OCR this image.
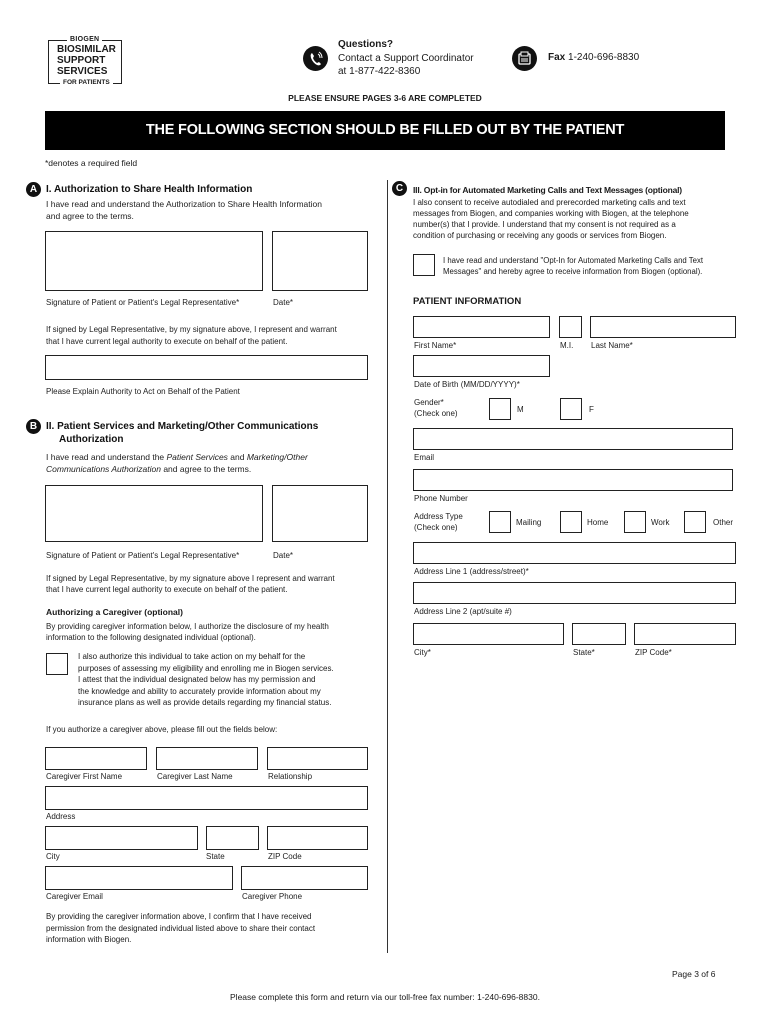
BIOGEN
BIOSIMILAR
SUPPORT
SERVICES
FOR PATIENTS
Questions?
Contact a Support Coordinator
at 1-877-422-8360
Fax 1-240-696-8830
PLEASE ENSURE PAGES 3-6 ARE COMPLETED
THE FOLLOWING SECTION SHOULD BE FILLED OUT BY THE PATIENT
*denotes a required field
A I. Authorization to Share Health Information
I have read and understand the Authorization to Share Health Information
and agree to the terms.
Signature of Patient or Patient's Legal Representative*	Date*
If signed by Legal Representative, by my signature above, I represent and warrant
that I have current legal authority to execute on behalf of the patient.
Please Explain Authority to Act on Behalf of the Patient
B II. Patient Services and Marketing/Other Communications
Authorization
I have read and understand the Patient Services and Marketing/Other
Communications Authorization and agree to the terms.
Signature of Patient or Patient's Legal Representative*	Date*
If signed by Legal Representative, by my signature above I represent and warrant
that I have current legal authority to execute on behalf of the patient.
Authorizing a Caregiver (optional)
By providing caregiver information below, I authorize the disclosure of my health
information to the following designated individual (optional).
I also authorize this individual to take action on my behalf for the
purposes of assessing my eligibility and enrolling me in Biogen services.
I attest that the individual designated below has my permission and
the knowledge and ability to accurately provide information about my
insurance plans as well as provide details regarding my financial status.
If you authorize a caregiver above, please fill out the fields below:
Caregiver First Name	Caregiver Last Name	Relationship
Address
City	State	ZIP Code
Caregiver Email	Caregiver Phone
By providing the caregiver information above, I confirm that I have received
permission from the designated individual listed above to share their contact
information with Biogen.
C	III. Opt-in for Automated Marketing Calls and Text Messages (optional)
I also consent to receive autodialed and prerecorded marketing calls and text
messages from Biogen, and companies working with Biogen, at the telephone
number(s) that I provide. I understand that my consent is not required as a
condition of purchasing or receiving any goods or services from Biogen.
I have read and understand "Opt-In for Automated Marketing Calls and Text
Messages" and hereby agree to receive information from Biogen (optional).
PATIENT INFORMATION
First Name*	M.I. Last Name*
Date of Birth (MM/DD/YYYY)*
Gender*
(Check one)	M	F
Email
Phone Number
Address Type
(Check one)
Mailing	Home	Work	Other
Address Line 1 (address/street)*
Address Line 2 (apt/suite #)
City*	State*	ZIP Code*
Page 3 of 6
Please complete this form and return via our toll-free fax number: 1-240-696-8830.
